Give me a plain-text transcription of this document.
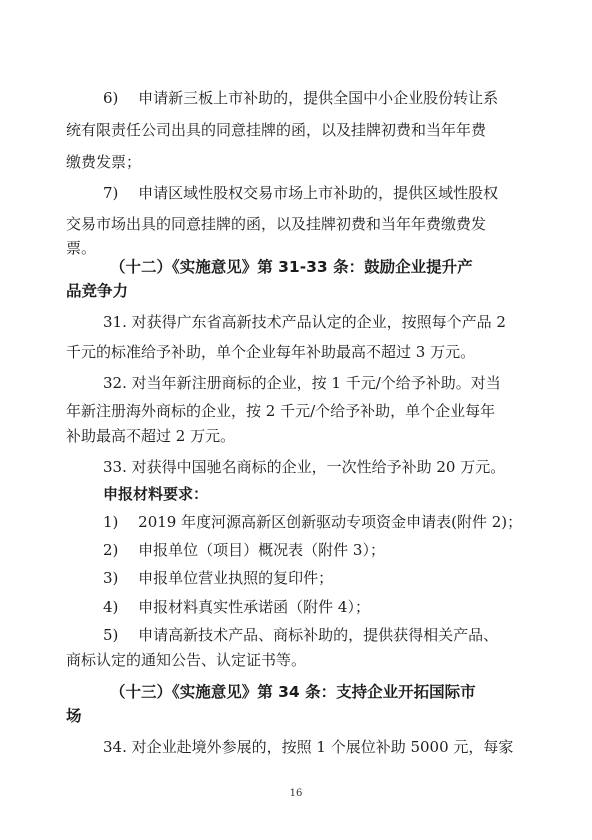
6)　 申请新三板上市补助的，提供全国中小企业股份转让系
统有限责任公司出具的同意挂牌的函，以及挂牌初费和当年年费
缴费发票；
7)　 申请区域性股权交易市场上市补助的，提供区域性股权
交易市场出具的同意挂牌的函，以及挂牌初费和当年年费缴费发
票。
（十二）《实施意见》第 31-33 条：鼓励企业提升产
品竞争力
31. 对获得广东省高新技术产品认定的企业，按照每个产品 2
千元的标准给予补助，单个企业每年补助最高不超过 3 万元。
32. 对当年新注册商标的企业，按 1 千元/个给予补助。对当
年新注册海外商标的企业，按 2 千元/个给予补助，单个企业每年
补助最高不超过 2 万元。
33. 对获得中国驰名商标的企业，一次性给予补助 20 万元。
申报材料要求：
1)　 2019 年度河源高新区创新驱动专项资金申请表(附件 2)；
2)　 申报单位（项目）概况表（附件 3）；
3)　 申报单位营业执照的复印件；
4)　 申报材料真实性承诺函（附件 4）；
5)　 申请高新技术产品、商标补助的，提供获得相关产品、
商标认定的通知公告、认定证书等。
（十三）《实施意见》第 34 条：支持企业开拓国际市
场
34. 对企业赴境外参展的，按照 1 个展位补助 5000 元，每家
16
